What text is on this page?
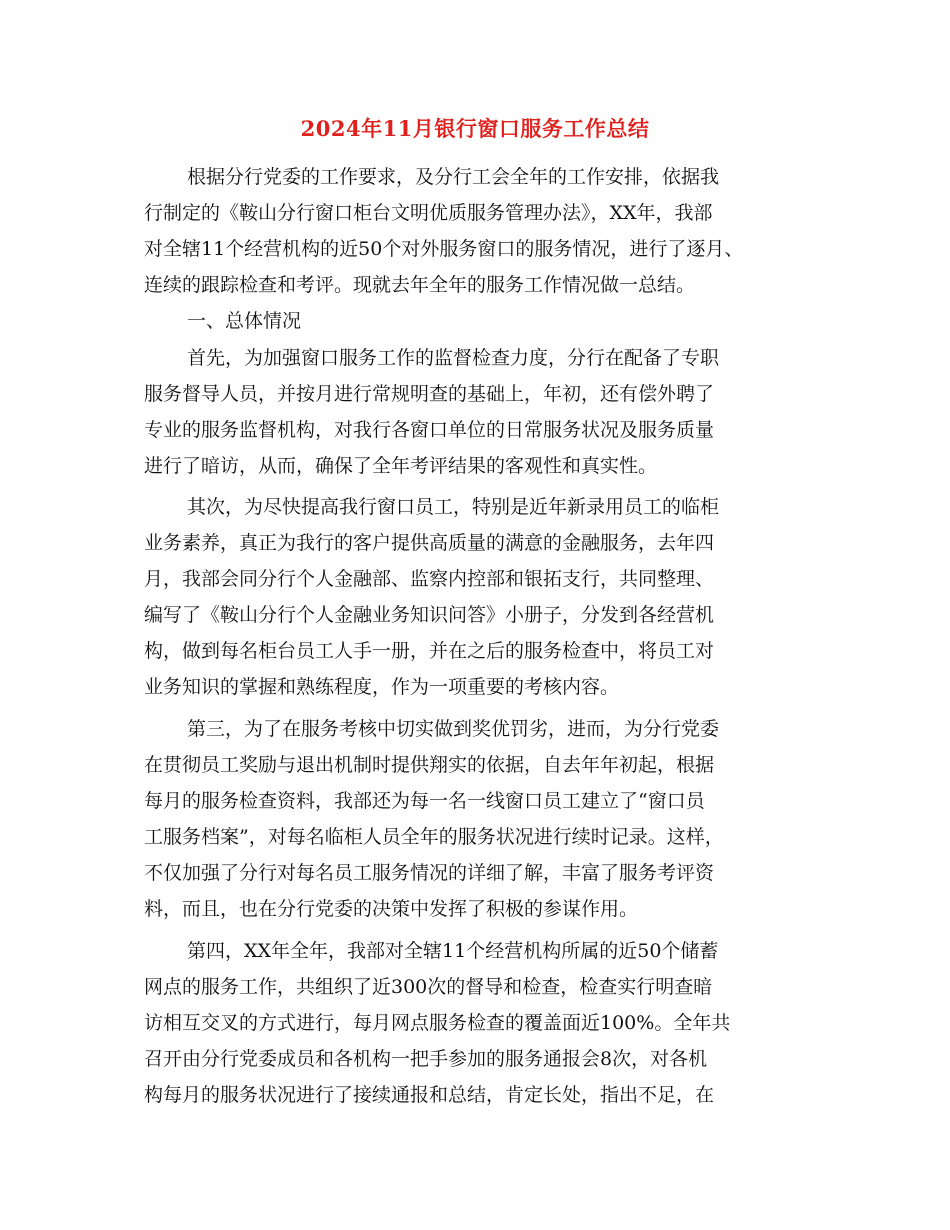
2024年11月银行窗口服务工作总结
根据分行党委的工作要求，及分行工会全年的工作安排，依据我
行制定的《鞍山分行窗口柜台文明优质服务管理办法》，XX年，我部
对全辖11个经营机构的近50个对外服务窗口的服务情况，进行了逐月、
连续的跟踪检查和考评。现就去年全年的服务工作情况做一总结。
一、总体情况
首先，为加强窗口服务工作的监督检查力度，分行在配备了专职
服务督导人员，并按月进行常规明查的基础上，年初，还有偿外聘了
专业的服务监督机构，对我行各窗口单位的日常服务状况及服务质量
进行了暗访，从而，确保了全年考评结果的客观性和真实性。
其次，为尽快提高我行窗口员工，特别是近年新录用员工的临柜
业务素养，真正为我行的客户提供高质量的满意的金融服务，去年四
月，我部会同分行个人金融部、监察内控部和银拓支行，共同整理、
编写了《鞍山分行个人金融业务知识问答》小册子，分发到各经营机
构，做到每名柜台员工人手一册，并在之后的服务检查中，将员工对
业务知识的掌握和熟练程度，作为一项重要的考核内容。
第三，为了在服务考核中切实做到奖优罚劣，进而，为分行党委
在贯彻员工奖励与退出机制时提供翔实的依据，自去年年初起，根据
每月的服务检查资料，我部还为每一名一线窗口员工建立了“窗口员
工服务档案”，对每名临柜人员全年的服务状况进行续时记录。这样，
不仅加强了分行对每名员工服务情况的详细了解，丰富了服务考评资
料，而且，也在分行党委的决策中发挥了积极的参谋作用。
第四，XX年全年，我部对全辖11个经营机构所属的近50个储蓄
网点的服务工作，共组织了近300次的督导和检查，检查实行明查暗
访相互交叉的方式进行，每月网点服务检查的覆盖面近100%。全年共
召开由分行党委成员和各机构一把手参加的服务通报会8次，对各机
构每月的服务状况进行了接续通报和总结，肯定长处，指出不足，在
